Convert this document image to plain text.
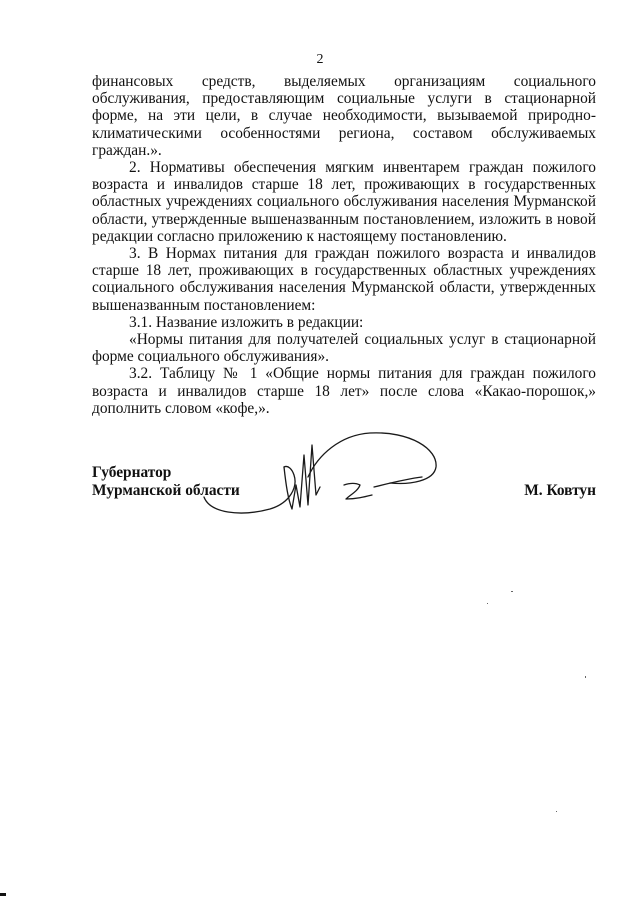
2

финансовых средств, выделяемых организациям социального обслуживания, предоставляющим социальные услуги в стационарной форме, на эти цели, в случае необходимости, вызываемой природно-климатическими особенностями региона, составом обслуживаемых граждан.».

2. Нормативы обеспечения мягким инвентарем граждан пожилого возраста и инвалидов старше 18 лет, проживающих в государственных областных учреждениях социального обслуживания населения Мурманской области, утвержденные вышеназванным постановлением, изложить в новой редакции согласно приложению к настоящему постановлению.

3. В Нормах питания для граждан пожилого возраста и инвалидов старше 18 лет, проживающих в государственных областных учреждениях социального обслуживания населения Мурманской области, утвержденных вышеназванным постановлением:

3.1. Название изложить в редакции:

«Нормы питания для получателей социальных услуг в стационарной форме социального обслуживания».

3.2. Таблицу № 1 «Общие нормы питания для граждан пожилого возраста и инвалидов старше 18 лет» после слова «Какао-порошок,» дополнить словом «кофе,».

Губернатор
Мурманской области	М. Ковтун
